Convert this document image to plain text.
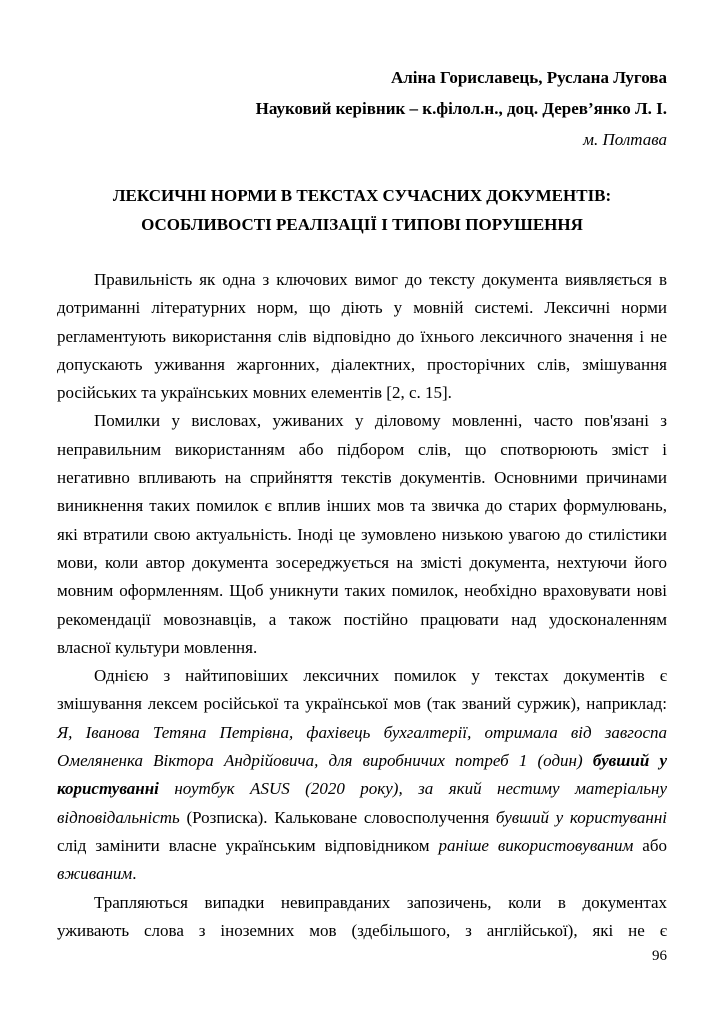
Аліна Гориславець, Руслана Лугова
Науковий керівник – к.філол.н., доц. Дерев’янко Л. І.
м. Полтава
ЛЕКСИЧНІ НОРМИ В ТЕКСТАХ СУЧАСНИХ ДОКУМЕНТІВ:
ОСОБЛИВОСТІ РЕАЛІЗАЦІЇ І ТИПОВІ ПОРУШЕННЯ

Правильність як одна з ключових вимог до тексту документа виявляється в дотриманні літературних норм, що діють у мовній системі. Лексичні норми регламентують використання слів відповідно до їхнього лексичного значення і не допускають уживання жаргонних, діалектних, просторічних слів, змішування російських та українських мовних елементів [2, с. 15].

Помилки у висловах, уживаних у діловому мовленні, часто пов'язані з неправильним використанням або підбором слів, що спотворюють зміст і негативно впливають на сприйняття текстів документів. Основними причинами виникнення таких помилок є вплив інших мов та звичка до старих формулювань, які втратили свою актуальність. Іноді це зумовлено низькою увагою до стилістики мови, коли автор документа зосереджується на змісті документа, нехтуючи його мовним оформленням. Щоб уникнути таких помилок, необхідно враховувати нові рекомендації мовознавців, а також постійно працювати над удосконаленням власної культури мовлення.

Однією з найтиповіших лексичних помилок у текстах документів є змішування лексем російської та української мов (так званий суржик), наприклад: Я, Іванова Тетяна Петрівна, фахівець бухгалтерії, отримала від завгоспа Омеляненка Віктора Андрійовича, для виробничих потреб 1 (один) бувший у користуванні ноутбук ASUS (2020 року), за який нестиму матеріальну відповідальність (Розписка). Кальковане словосполучення бувший у користуванні слід замінити власне українським відповідником раніше використовуваним або вживаним.

Трапляються випадки невиправданих запозичень, коли в документах уживають слова з іноземних мов (здебільшого, з англійської), які не є

96
